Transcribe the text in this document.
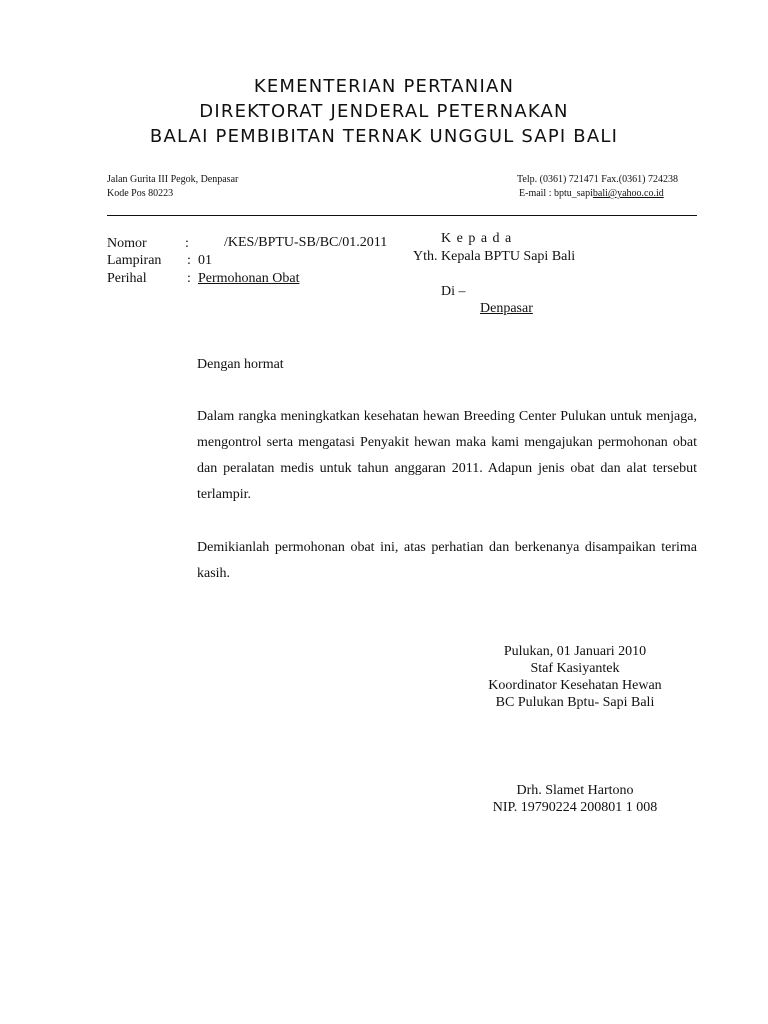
KEMENTERIAN PERTANIAN
DIREKTORAT JENDERAL PETERNAKAN
BALAI PEMBIBITAN TERNAK UNGGUL SAPI BALI
Jalan Gurita III Pegok, Denpasar
Kode Pos 80223
Telp. (0361) 721471 Fax.(0361) 724238
E-mail : bptu_sapibali@yahoo.co.id
Nomor	:	/KES/BPTU-SB/BC/01.2011
Lampiran : 01
Perihal	: Permohonan Obat
K e p a d a
Yth. Kepala BPTU Sapi Bali
Di –
Denpasar
Dengan hormat
Dalam rangka meningkatkan kesehatan hewan Breeding Center Pulukan untuk menjaga, mengontrol serta mengatasi Penyakit hewan maka kami mengajukan permohonan obat dan peralatan medis untuk tahun anggaran 2011. Adapun jenis obat dan alat tersebut terlampir.
Demikianlah permohonan obat ini, atas perhatian dan berkenanya disampaikan terima kasih.
Pulukan, 01 Januari 2010
Staf Kasiyantek
Koordinator Kesehatan Hewan
BC Pulukan Bptu- Sapi Bali
Drh. Slamet Hartono
NIP. 19790224 200801 1 008
